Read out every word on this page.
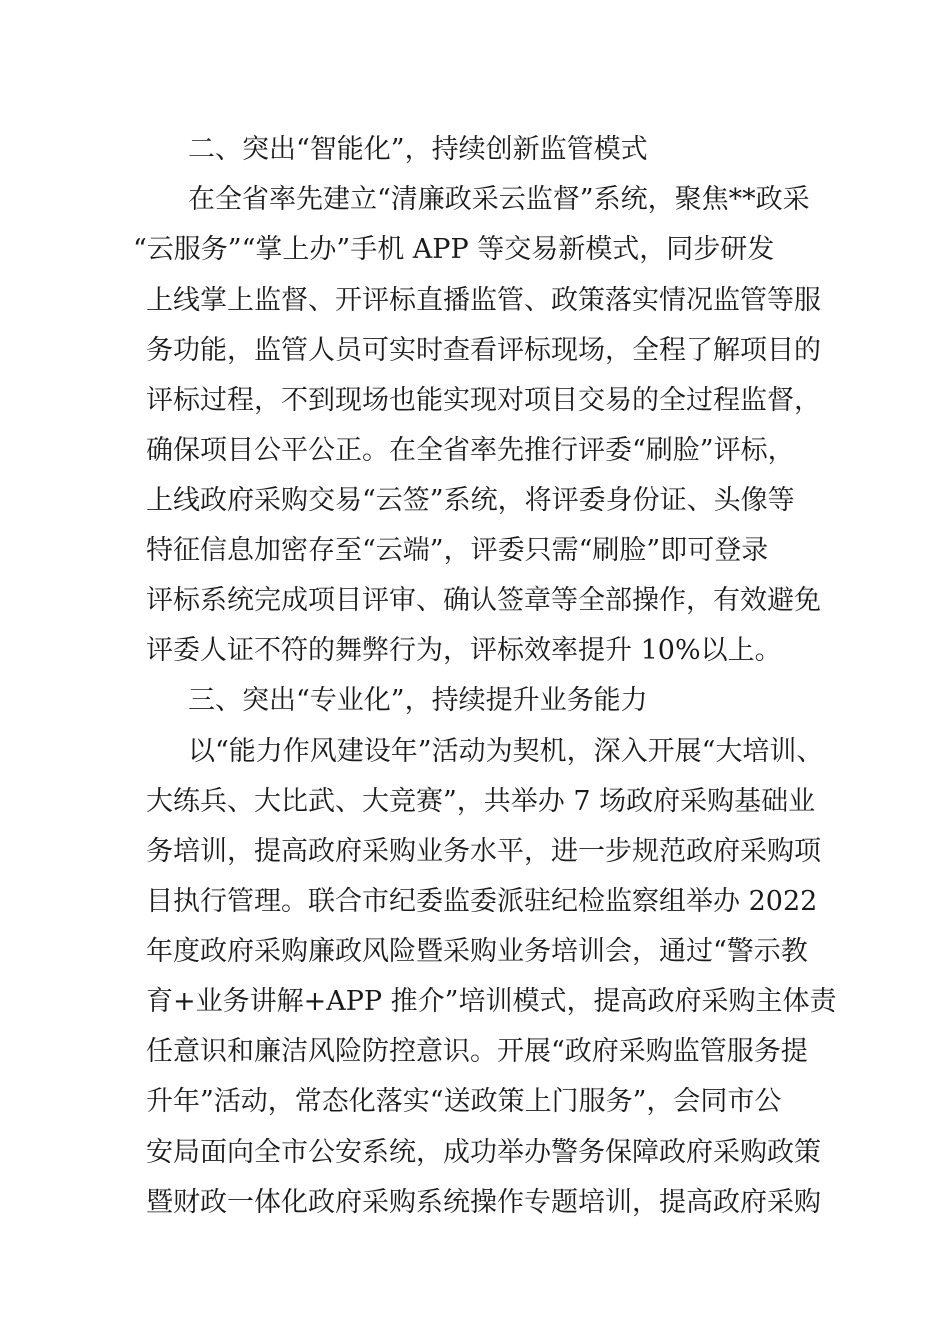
二、突出“智能化”，持续创新监管模式
在全省率先建立“清廉政采云监督”系统，聚焦**政采
“云服务”“掌上办”手机 APP 等交易新模式，同步研发
上线掌上监督、开评标直播监管、政策落实情况监管等服
务功能，监管人员可实时查看评标现场，全程了解项目的
评标过程，不到现场也能实现对项目交易的全过程监督，
确保项目公平公正。在全省率先推行评委“刷脸”评标，
上线政府采购交易“云签”系统，将评委身份证、头像等
特征信息加密存至“云端”，评委只需“刷脸”即可登录
评标系统完成项目评审、确认签章等全部操作，有效避免
评委人证不符的舞弊行为，评标效率提升 10%以上。
三、突出“专业化”，持续提升业务能力
以“能力作风建设年”活动为契机，深入开展“大培训、
大练兵、大比武、大竞赛”，共举办 7 场政府采购基础业
务培训，提高政府采购业务水平，进一步规范政府采购项
目执行管理。联合市纪委监委派驻纪检监察组举办 2022
年度政府采购廉政风险暨采购业务培训会，通过“警示教
育+业务讲解+APP 推介”培训模式，提高政府采购主体责
任意识和廉洁风险防控意识。开展“政府采购监管服务提
升年”活动，常态化落实“送政策上门服务”，会同市公
安局面向全市公安系统，成功举办警务保障政府采购政策
暨财政一体化政府采购系统操作专题培训，提高政府采购
